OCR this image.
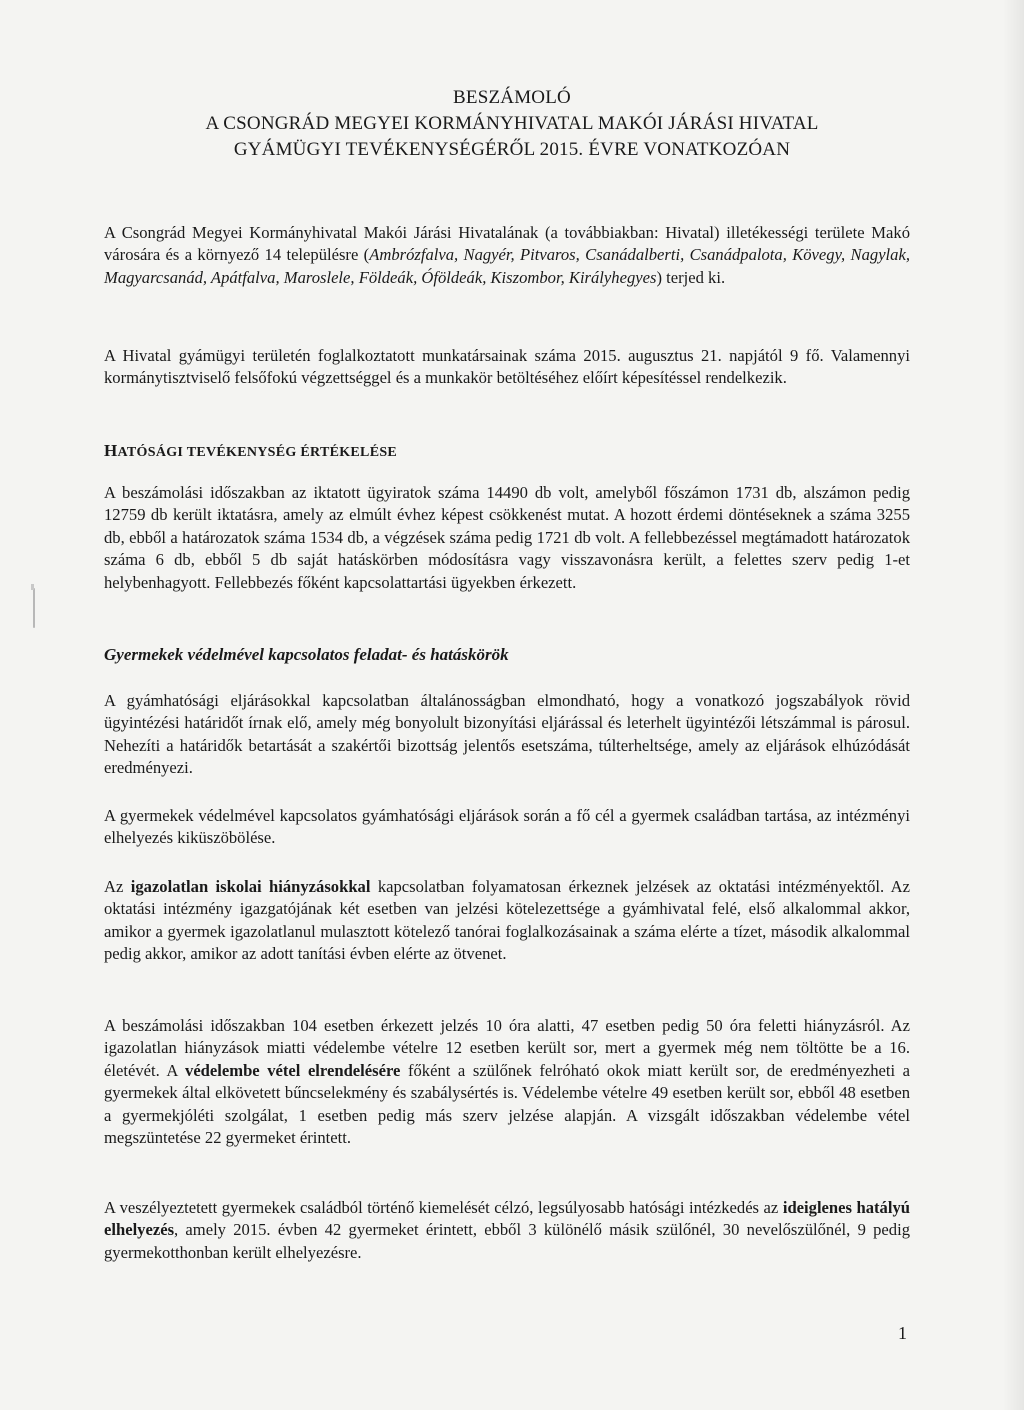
BESZÁMOLÓ
A CSONGRÁD MEGYEI KORMÁNYHIVATAL MAKÓI JÁRÁSI HIVATAL
GYÁMÜGYI TEVÉKENYSÉGÉRŐL 2015. ÉVRE VONATKOZÓAN
A Csongrád Megyei Kormányhivatal Makói Járási Hivatalának (a továbbiakban: Hivatal) illetékességi területe Makó városára és a környező 14 településre (Ambrózfalva, Nagyér, Pitvaros, Csanádalberti, Csanádpalota, Kövegy, Nagylak, Magyarcsanád, Apátfalva, Maroslele, Földeák, Óföldeák, Kiszombor, Királyhegyes) terjed ki.
A Hivatal gyámügyi területén foglalkoztatott munkatársainak száma 2015. augusztus 21. napjától 9 fő. Valamennyi kormánytisztviselő felsőfokú végzettséggel és a munkakör betöltéséhez előírt képesítéssel rendelkezik.
HATÓSÁGI TEVÉKENYSÉG ÉRTÉKELÉSE
A beszámolási időszakban az iktatott ügyiratok száma 14490 db volt, amelyből főszámon 1731 db, alszámon pedig 12759 db került iktatásra, amely az elmúlt évhez képest csökkenést mutat. A hozott érdemi döntéseknek a száma 3255 db, ebből a határozatok száma 1534 db, a végzések száma pedig 1721 db volt. A fellebbezéssel megtámadott határozatok száma 6 db, ebből 5 db saját hatáskörben módosításra vagy visszavonásra került, a felettes szerv pedig 1-et helybenhagyott. Fellebbezés főként kapcsolattartási ügyekben érkezett.
Gyermekek védelmével kapcsolatos feladat- és hatáskörök
A gyámhatósági eljárásokkal kapcsolatban általánosságban elmondható, hogy a vonatkozó jogszabályok rövid ügyintézési határidőt írnak elő, amely még bonyolult bizonyítási eljárással és leterhelt ügyintézői létszámmal is párosul. Nehezíti a határidők betartását a szakértői bizottság jelentős esetszáma, túlterheltsége, amely az eljárások elhúzódását eredményezi.
A gyermekek védelmével kapcsolatos gyámhatósági eljárások során a fő cél a gyermek családban tartása, az intézményi elhelyezés kiküszöbölése.
Az igazolatlan iskolai hiányzásokkal kapcsolatban folyamatosan érkeznek jelzések az oktatási intézményektől. Az oktatási intézmény igazgatójának két esetben van jelzési kötelezettsége a gyámhivatal felé, első alkalommal akkor, amikor a gyermek igazolatlanul mulasztott kötelező tanórai foglalkozásainak a száma elérte a tízet, második alkalommal pedig akkor, amikor az adott tanítási évben elérte az ötvenet.
A beszámolási időszakban 104 esetben érkezett jelzés 10 óra alatti, 47 esetben pedig 50 óra feletti hiányzásról. Az igazolatlan hiányzások miatti védelembe vételre 12 esetben került sor, mert a gyermek még nem töltötte be a 16. életévét. A védelembe vétel elrendelésére főként a szülőnek felróható okok miatt került sor, de eredményezheti a gyermekek által elkövetett bűncselekmény és szabálysértés is. Védelembe vételre 49 esetben került sor, ebből 48 esetben a gyermekjóléti szolgálat, 1 esetben pedig más szerv jelzése alapján. A vizsgált időszakban védelembe vétel megszüntetése 22 gyermeket érintett.
A veszélyeztetett gyermekek családból történő kiemelését célzó, legsúlyosabb hatósági intézkedés az ideiglenes hatályú elhelyezés, amely 2015. évben 42 gyermeket érintett, ebből 3 különélő másik szülőnél, 30 nevelőszülőnél, 9 pedig gyermekotthonban került elhelyezésre.
1
